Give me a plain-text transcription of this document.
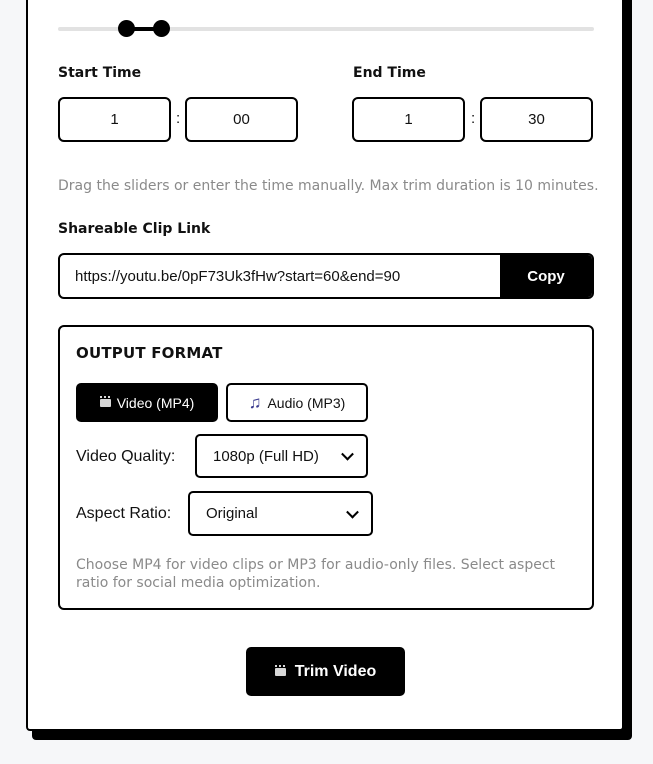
Start Time	End Time
1	:	00	1	:	30
Drag the sliders or enter the time manually. Max trim duration is 10 minutes.
Shareable Clip Link
https://youtu.be/0pF73Uk3fHw?start=60&end=90	Copy
OUTPUT FORMAT
Video (MP4)	♫ Audio (MP3)
Video Quality:	1080p (Full HD)
Aspect Ratio: Original
Choose MP4 for video clips or MP3 for audio-only files. Select aspect ratio for social media optimization.
Trim Video
